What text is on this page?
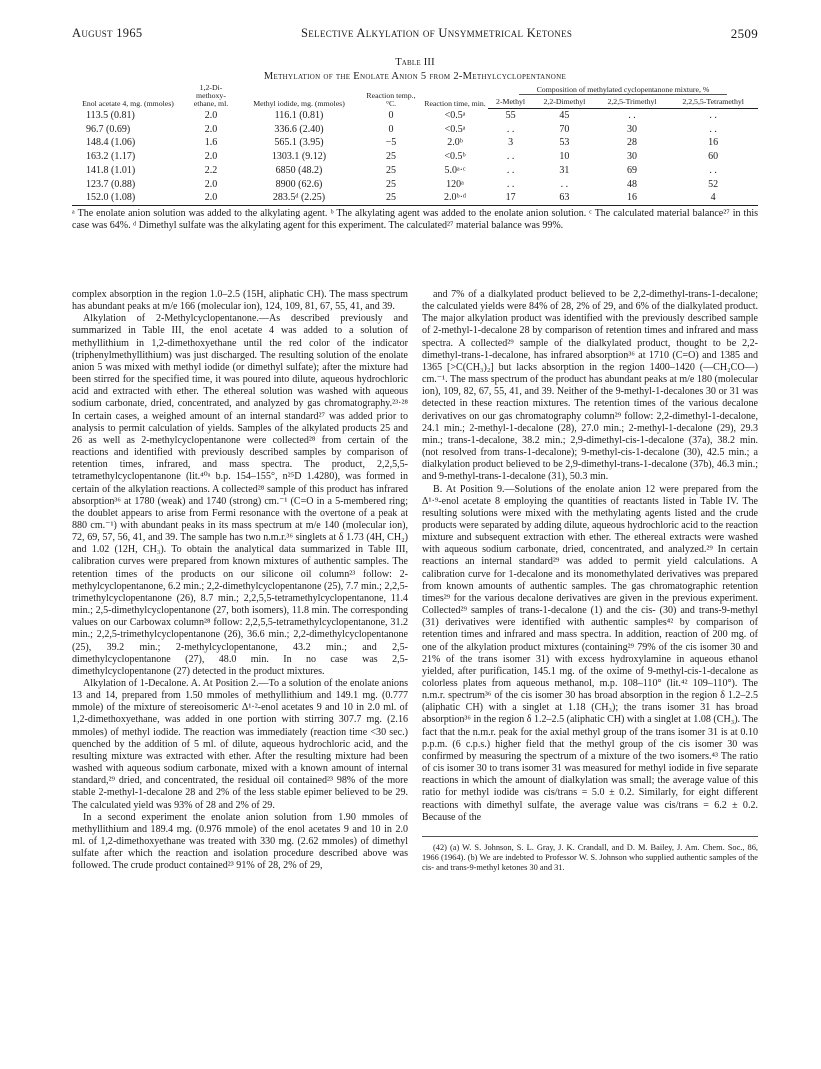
August 1965	Selective Alkylation of Unsymmetrical Ketones	2509
Table III
Methylation of the Enolate Anion 5 from 2-Methylcyclopentanone
Enol acetate 4, mg. (mmoles)	1,2-Di-methoxy-ethane, ml.	Methyl iodide, mg. (mmoles)	Reaction temp., °C.	Reaction time, min.	Composition of methylated cyclopentanone mixture, %			
					2-Methyl	2,2-Dimethyl	2,2,5-Trimethyl	2,2,5,5-Tetramethyl
113.5 (0.81)	2.0	116.1 (0.81)	0	<0.5ᵃ	55	45	. .	. .
96.7 (0.69)	2.0	336.6 (2.40)	0	<0.5ᵃ	. .	70	30	. .
148.4 (1.06)	1.6	565.1 (3.95)	−5	2.0ᵇ	3	53	28	16
163.2 (1.17)	2.0	1303.1 (9.12)	25	<0.5ᵇ	. .	10	30	60
141.8 (1.01)	2.2	6850 (48.2)	25	5.0ᵃ·ᶜ	. .	31	69	. .
123.7 (0.88)	2.0	8900 (62.6)	25	120ᵃ	. .	. .	48	52
152.0 (1.08)	2.0	283.5ᵈ (2.25)	25	2.0ᵇ·ᵈ	17	63	16	4
ᵃ The enolate anion solution was added to the alkylating agent. ᵇ The alkylating agent was added to the enolate anion solution. ᶜ The calculated material balance²⁷ in this case was 64%. ᵈ Dimethyl sulfate was the alkylating agent for this experiment. The calculated²⁷ material balance was 99%.

complex absorption in the region 1.0–2.5 (15H, aliphatic CH). The mass spectrum has abundant peaks at m/e 166 (molecular ion), 124, 109, 81, 67, 55, 41, and 39.

Alkylation of 2-Methylcyclopentanone.—As described previously and summarized in Table III, the enol acetate 4 was added to a solution of methyllithium in 1,2-dimethoxyethane until the red color of the indicator (triphenylmethyllithium) was just discharged. The resulting solution of the enolate anion 5 was mixed with methyl iodide (or dimethyl sulfate); after the mixture had been stirred for the specified time, it was poured into dilute, aqueous hydrochloric acid and extracted with ether. The ethereal solution was washed with aqueous sodium carbonate, dried, concentrated, and analyzed by gas chromatography.²³·²⁸ In certain cases, a weighed amount of an internal standard²⁷ was added prior to analysis to permit calculation of yields. Samples of the alkylated products 25 and 26 as well as 2-methylcyclopentanone were collected²⁸ from certain of the reactions and identified with previously described samples by comparison of retention times, infrared, and mass spectra. The product, 2,2,5,5-tetramethylcyclopentanone (lit.⁴⁰ᵃ b.p. 154–155°, n²⁵D 1.4280), was formed in certain of the alkylation reactions. A collected²⁸ sample of this product has infrared absorption³⁶ at 1780 (weak) and 1740 (strong) cm.⁻¹ (C=O in a 5-membered ring; the doublet appears to arise from Fermi resonance with the overtone of a peak at 880 cm.⁻¹) with abundant peaks in its mass spectrum at m/e 140 (molecular ion), 72, 69, 57, 56, 41, and 39. The sample has two n.m.r.³⁶ singlets at δ 1.73 (4H, CH₂) and 1.02 (12H, CH₃). To obtain the analytical data summarized in Table III, calibration curves were prepared from known mixtures of authentic samples. The retention times of the products on our silicone oil column²³ follow: 2-methylcyclopentanone, 6.2 min.; 2,2-dimethylcyclopentanone (25), 7.7 min.; 2,2,5-trimethylcyclopentanone (26), 8.7 min.; 2,2,5,5-tetramethylcyclopentanone, 11.4 min.; 2,5-dimethylcyclopentanone (27, both isomers), 11.8 min. The corresponding values on our Carbowax column²⁸ follow: 2,2,5,5-tetramethylcyclopentanone, 31.2 min.; 2,2,5-trimethylcyclopentanone (26), 36.6 min.; 2,2-dimethylcyclopentanone (25), 39.2 min.; 2-methylcyclopentanone, 43.2 min.; and 2,5-dimethylcyclopentanone (27), 48.0 min. In no case was 2,5-dimethylcyclopentanone (27) detected in the product mixtures.

Alkylation of 1-Decalone. A. At Position 2.—To a solution of the enolate anions 13 and 14, prepared from 1.50 mmoles of methyllithium and 149.1 mg. (0.777 mmole) of the mixture of stereoisomeric Δ¹·²-enol acetates 9 and 10 in 2.0 ml. of 1,2-dimethoxyethane, was added in one portion with stirring 307.7 mg. (2.16 mmoles) of methyl iodide. The reaction was immediately (reaction time <30 sec.) quenched by the addition of 5 ml. of dilute, aqueous hydrochloric acid, and the resulting mixture was extracted with ether. After the resulting mixture had been washed with aqueous sodium carbonate, mixed with a known amount of internal standard,²⁹ dried, and concentrated, the residual oil contained²³ 98% of the more stable 2-methyl-1-decalone 28 and 2% of the less stable epimer believed to be 29. The calculated yield was 93% of 28 and 2% of 29.

In a second experiment the enolate anion solution from 1.90 mmoles of methyllithium and 189.4 mg. (0.976 mmole) of the enol acetates 9 and 10 in 2.0 ml. of 1,2-dimethoxyethane was treated with 330 mg. (2.62 mmoles) of dimethyl sulfate after which the reaction and isolation procedure described above was followed. The crude product contained²³ 91% of 28, 2% of 29,

and 7% of a dialkylated product believed to be 2,2-dimethyl-trans-1-decalone; the calculated yields were 84% of 28, 2% of 29, and 6% of the dialkylated product. The major alkylation product was identified with the previously described sample of 2-methyl-1-decalone 28 by comparison of retention times and infrared and mass spectra. A collected²⁹ sample of the dialkylated product, thought to be 2,2-dimethyl-trans-1-decalone, has infrared absorption³⁶ at 1710 (C=O) and 1385 and 1365 [>C(CH₃)₂] but lacks absorption in the region 1400–1420 (—CH₂CO—) cm.⁻¹. The mass spectrum of the product has abundant peaks at m/e 180 (molecular ion), 109, 82, 67, 55, 41, and 39. Neither of the 9-methyl-1-decalones 30 or 31 was detected in these reaction mixtures. The retention times of the various decalone derivatives on our gas chromatography column²⁹ follow: 2,2-dimethyl-1-decalone, 24.1 min.; 2-methyl-1-decalone (28), 27.0 min.; 2-methyl-1-decalone (29), 29.3 min.; trans-1-decalone, 38.2 min.; 2,9-dimethyl-cis-1-decalone (37a), 38.2 min. (not resolved from trans-1-decalone); 9-methyl-cis-1-decalone (30), 42.5 min.; a dialkylation product believed to be 2,9-dimethyl-trans-1-decalone (37b), 46.3 min.; and 9-methyl-trans-1-decalone (31), 50.3 min.

B. At Position 9.—Solutions of the enolate anion 12 were prepared from the Δ¹·⁹-enol acetate 8 employing the quantities of reactants listed in Table IV. The resulting solutions were mixed with the methylating agents listed and the crude products were separated by adding dilute, aqueous hydrochloric acid to the reaction mixture and subsequent extraction with ether. The ethereal extracts were washed with aqueous sodium carbonate, dried, concentrated, and analyzed.²⁹ In certain reactions an internal standard²⁹ was added to permit yield calculations. A calibration curve for 1-decalone and its monomethylated derivatives was prepared from known amounts of authentic samples. The gas chromatographic retention times²⁹ for the various decalone derivatives are given in the previous experiment. Collected²⁹ samples of trans-1-decalone (1) and the cis- (30) and trans-9-methyl (31) derivatives were identified with authentic samples⁴² by comparison of retention times and infrared and mass spectra. In addition, reaction of 200 mg. of one of the alkylation product mixtures (containing²⁹ 79% of the cis isomer 30 and 21% of the trans isomer 31) with excess hydroxylamine in aqueous ethanol yielded, after purification, 145.1 mg. of the oxime of 9-methyl-cis-1-decalone as colorless plates from aqueous methanol, m.p. 108–110° (lit.⁴² 109–110°). The n.m.r. spectrum³⁶ of the cis isomer 30 has broad absorption in the region δ 1.2–2.5 (aliphatic CH) with a singlet at 1.18 (CH₃); the trans isomer 31 has broad absorption³⁶ in the region δ 1.2–2.5 (aliphatic CH) with a singlet at 1.08 (CH₃). The fact that the n.m.r. peak for the axial methyl group of the trans isomer 31 is at 0.10 p.p.m. (6 c.p.s.) higher field that the methyl group of the cis isomer 30 was confirmed by measuring the spectrum of a mixture of the two isomers.⁴³ The ratio of cis isomer 30 to trans isomer 31 was measured for methyl iodide in five separate reactions in which the amount of dialkylation was small; the average value of this ratio for methyl iodide was cis/trans = 5.0 ± 0.2. Similarly, for eight different reactions with dimethyl sulfate, the average value was cis/trans = 6.2 ± 0.2. Because of the

(42) (a) W. S. Johnson, S. L. Gray, J. K. Crandall, and D. M. Bailey, J. Am. Chem. Soc., 86, 1966 (1964). (b) We are indebted to Professor W. S. Johnson who supplied authentic samples of the cis- and trans-9-methyl ketones 30 and 31.
